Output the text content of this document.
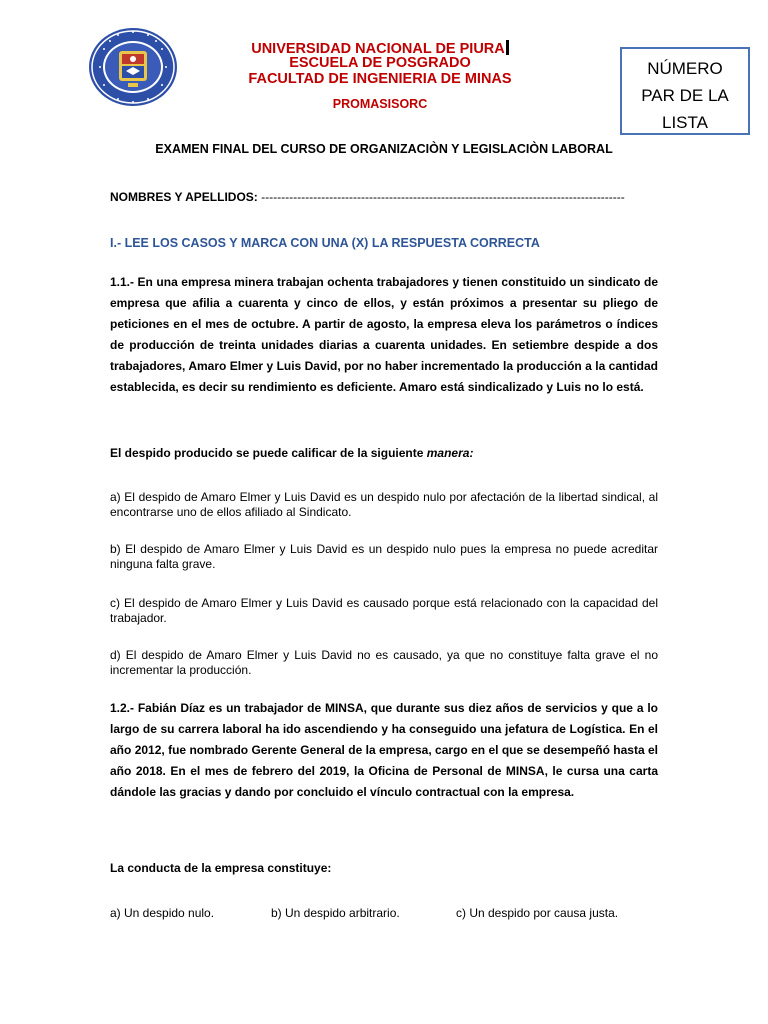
UNIVERSIDAD NACIONAL DE PIURA
ESCUELA DE POSGRADO
FACULTAD DE INGENIERIA DE MINAS
PROMASISORC
NÚMERO
PAR DE LA
LISTA
EXAMEN FINAL DEL CURSO DE ORGANIZACIÒN Y LEGISLACIÒN LABORAL
NOMBRES Y APELLIDOS: -------------------------------------------------------------------------------------------
I.- LEE LOS CASOS Y MARCA CON UNA (X) LA RESPUESTA CORRECTA
1.1.- En una empresa minera trabajan ochenta trabajadores y tienen constituido un sindicato de empresa que afilia a cuarenta y cinco de ellos, y están próximos a presentar su pliego de peticiones en el mes de octubre. A partir de agosto, la empresa eleva los parámetros o índices de producción de treinta unidades diarias a cuarenta unidades. En setiembre despide a dos trabajadores, Amaro Elmer y Luis David, por no haber incrementado la producción a la cantidad establecida, es decir su rendimiento es deficiente. Amaro está sindicalizado y Luis no lo está.
El despido producido se puede calificar de la siguiente manera:
a) El despido de Amaro Elmer y Luis David es un despido nulo por afectación de la libertad sindical, al encontrarse uno de ellos afiliado al Sindicato.
b) El despido de Amaro Elmer y Luis David es un despido nulo pues la empresa no puede acreditar ninguna falta grave.
c) El despido de Amaro Elmer y Luis David es causado porque está relacionado con la capacidad del trabajador.
d) El despido de Amaro Elmer y Luis David no es causado, ya que no constituye falta grave el no incrementar la producción.
1.2.- Fabián Díaz es un trabajador de MINSA, que durante sus diez años de servicios y que a lo largo de su carrera laboral ha ido ascendiendo y ha conseguido una jefatura de Logística. En el año 2012, fue nombrado Gerente General de la empresa, cargo en el que se desempeñó hasta el año 2018. En el mes de febrero del 2019, la Oficina de Personal de MINSA, le cursa una carta dándole las gracias y dando por concluido el vínculo contractual con la empresa.
La conducta de la empresa constituye:
a) Un despido nulo.	b) Un despido arbitrario.	c) Un despido por causa justa.
